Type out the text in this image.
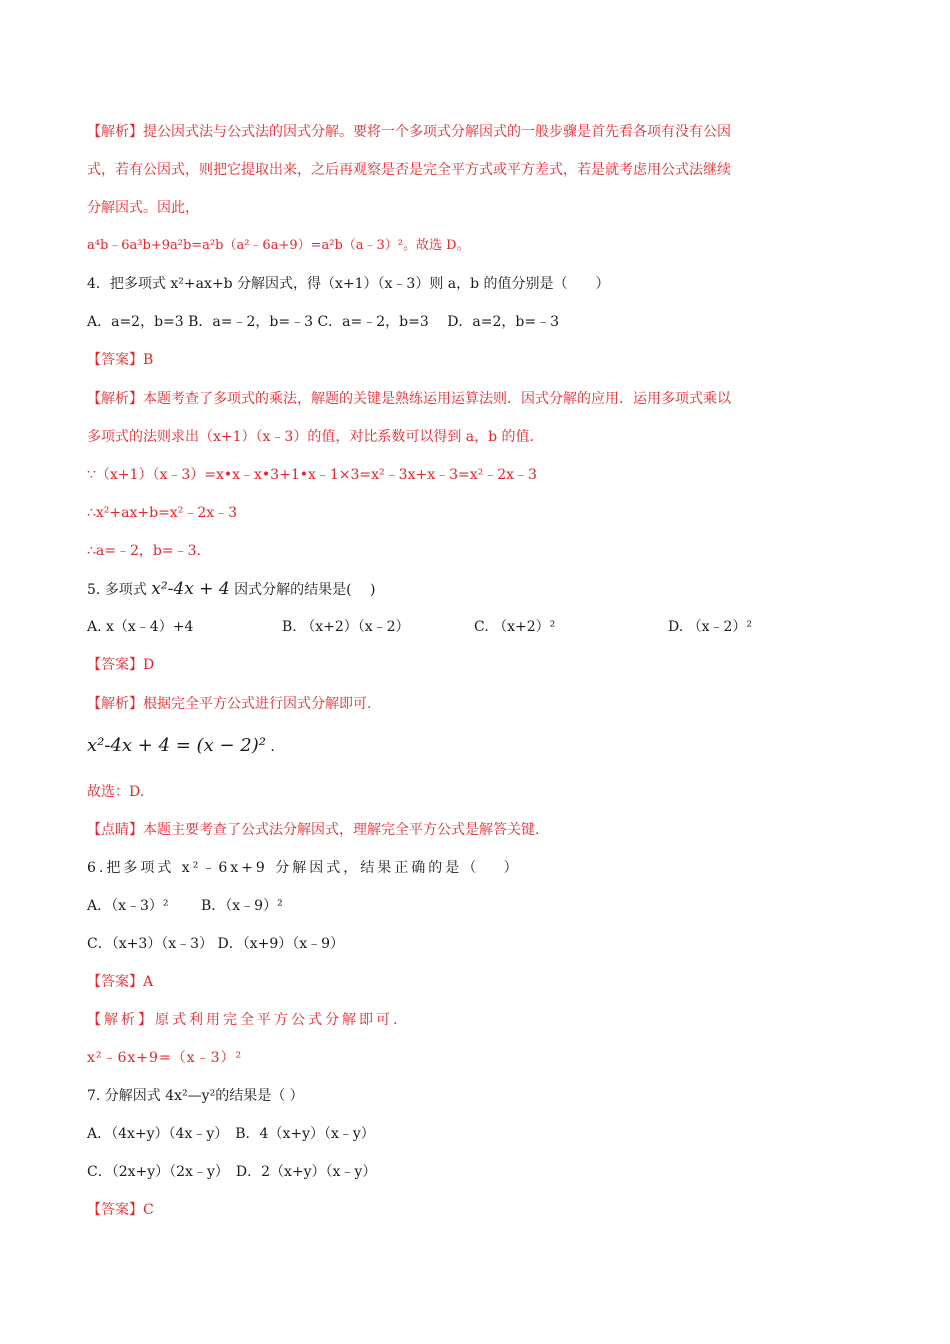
【解析】提公因式法与公式法的因式分解。要将一个多项式分解因式的一般步骤是首先看各项有没有公因
式，若有公因式，则把它提取出来，之后再观察是否是完全平方式或平方差式，若是就考虑用公式法继续
分解因式。因此，
a⁴b﹣6a³b+9a²b=a²b（a²﹣6a+9）=a²b（a﹣3）²。故选 D。
4．把多项式 x²+ax+b 分解因式，得（x+1）（x﹣3）则 a，b 的值分别是（　　）
A．a=2，b=3 B．a=﹣2，b=﹣3 C．a=﹣2，b=3　 D．a=2，b=﹣3
【答案】B
【解析】本题考查了多项式的乘法，解题的关键是熟练运用运算法则．因式分解的应用．运用多项式乘以
多项式的法则求出（x+1）（x﹣3）的值，对比系数可以得到 a，b 的值．
∵（x+1）（x﹣3）=x•x﹣x•3+1•x﹣1×3=x²﹣3x+x﹣3=x²﹣2x﹣3
∴x²+ax+b=x²﹣2x﹣3
∴a=﹣2，b=﹣3．
5. 多项式 x²-4x + 4 因式分解的结果是(　 )
A. x（x﹣4）+4	B. （x+2）（x﹣2）	C. （x+2）²	D. （x﹣2）²
【答案】D
【解析】根据完全平方公式进行因式分解即可.
x²-4x + 4 = (x − 2)² .
故选：D.
【点睛】本题主要考查了公式法分解因式，理解完全平方公式是解答关键.
6.把多项式 x²﹣6x+9 分解因式，结果正确的是（　 ）
A．（x﹣3）²　　 B．（x﹣9）²
C．（x+3）（x﹣3） D．（x+9）（x﹣9）
【答案】A
【解析】原式利用完全平方公式分解即可.
x²﹣6x+9=（x﹣3）²
7. 分解因式 4x²—y²的结果是（ ）
A．（4x+y）（4x﹣y）　B．4（x+y）（x﹣y）
C．（2x+y）（2x﹣y）　D．2（x+y）（x﹣y）
【答案】C
